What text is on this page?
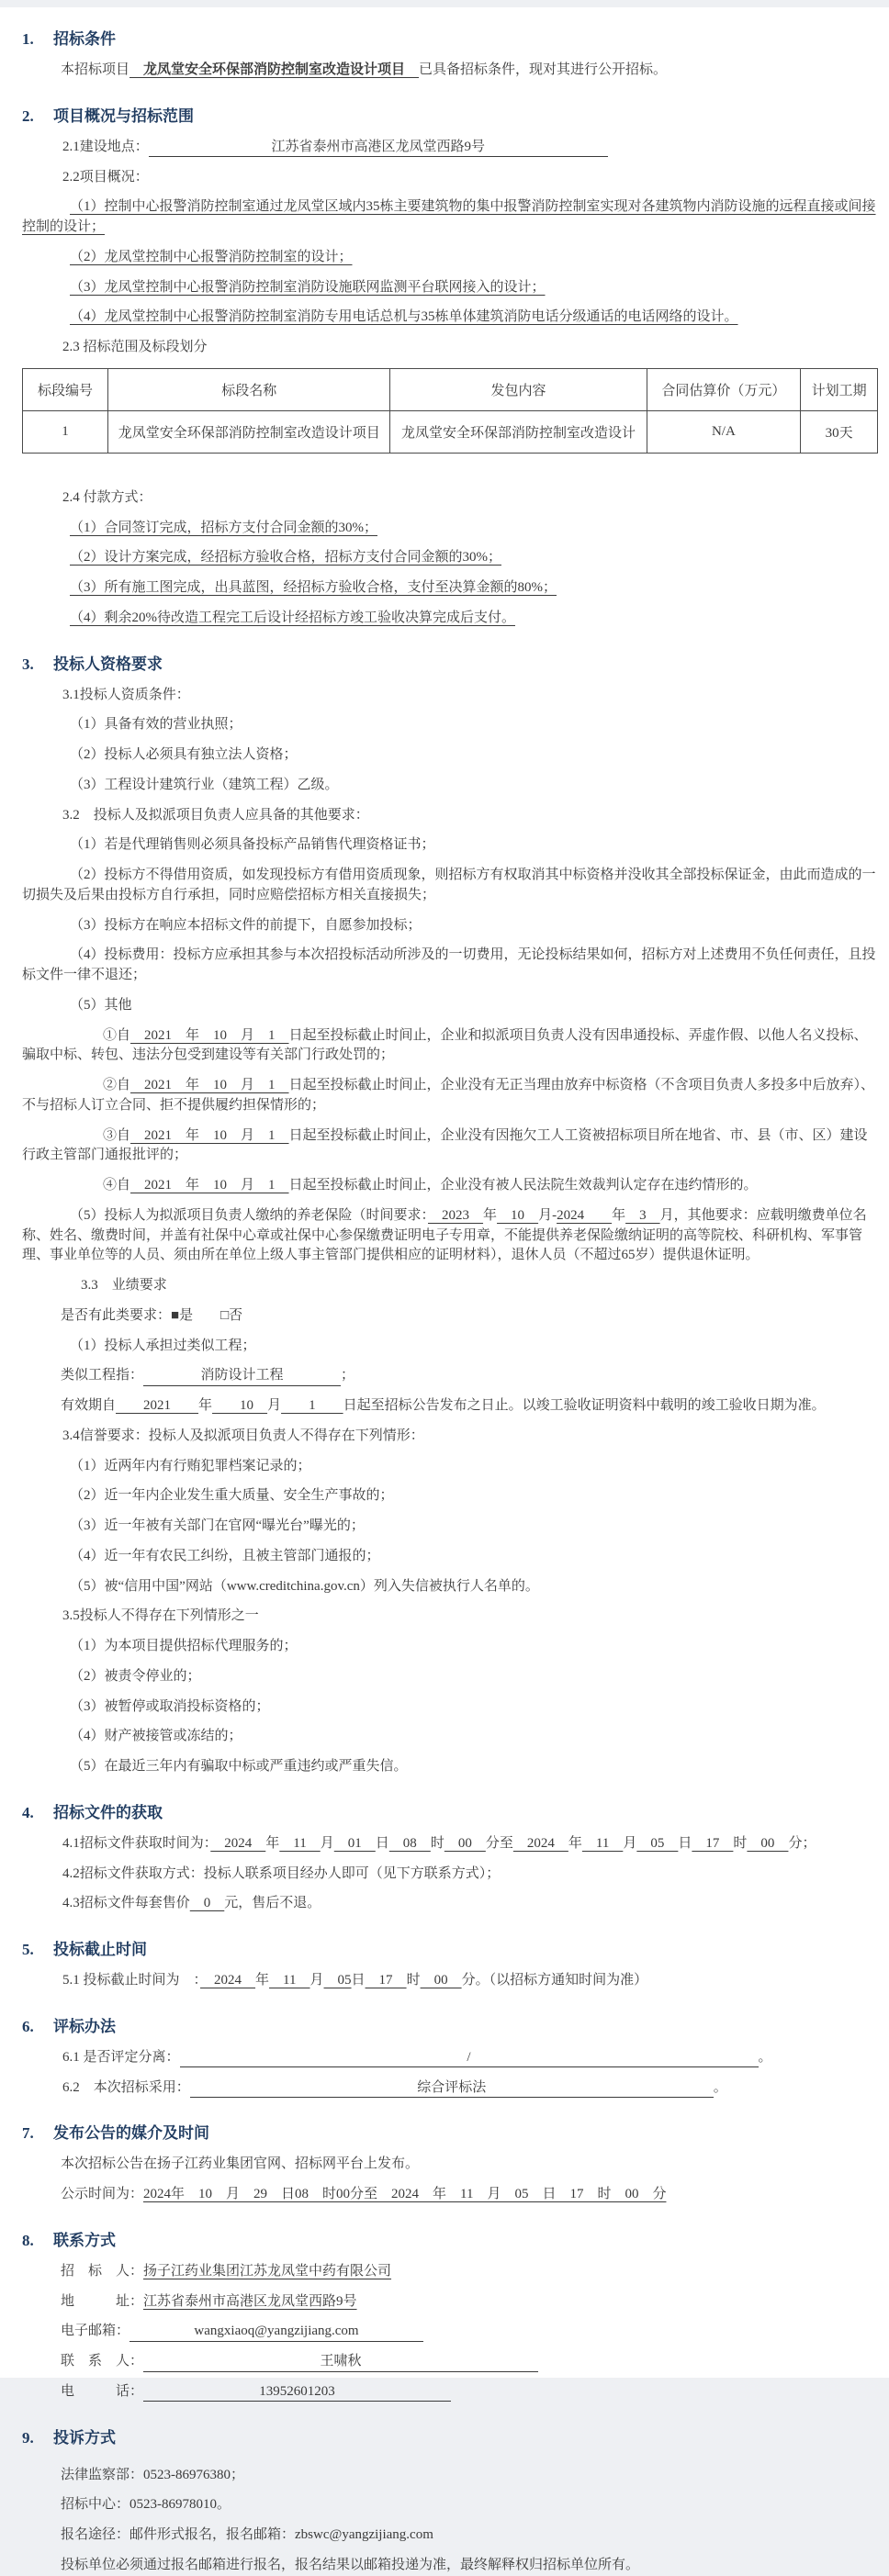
1. 招标条件

本招标项目　龙凤堂安全环保部消防控制室改造设计项目　已具备招标条件，现对其进行公开招标。

2. 项目概况与招标范围

2.1建设地点：	江苏省泰州市高港区龙凤堂西路9号

2.2项目概况：

（1）控制中心报警消防控制室通过龙凤堂区域内35栋主要建筑物的集中报警消防控制室实现对各建筑物内消防设施的远程直接或间接控制的设计；

（2）龙凤堂控制中心报警消防控制室的设计；

（3）龙凤堂控制中心报警消防控制室消防设施联网监测平台联网接入的设计；

（4）龙凤堂控制中心报警消防控制室消防专用电话总机与35栋单体建筑消防电话分级通话的电话网络的设计。

2.3 招标范围及标段划分

标段编号	标段名称	发包内容	合同估算价（万元）	计划工期
1	龙凤堂安全环保部消防控制室改造设计项目	龙凤堂安全环保部消防控制室改造设计	N/A	30天

2.4 付款方式：

（1）合同签订完成，招标方支付合同金额的30%；

（2）设计方案完成，经招标方验收合格，招标方支付合同金额的30%；

（3）所有施工图完成，出具蓝图，经招标方验收合格，支付至决算金额的80%；

（4）剩余20%待改造工程完工后设计经招标方竣工验收决算完成后支付。

3. 投标人资格要求

3.1投标人资质条件：

（1）具备有效的营业执照；

（2）投标人必须具有独立法人资格；

（3）工程设计建筑行业（建筑工程）乙级。

3.2　投标人及拟派项目负责人应具备的其他要求：

（1）若是代理销售则必须具备投标产品销售代理资格证书；

（2）投标方不得借用资质，如发现投标方有借用资质现象，则招标方有权取消其中标资格并没收其全部投标保证金，由此而造成的一切损失及后果由投标方自行承担，同时应赔偿招标方相关直接损失；

（3）投标方在响应本招标文件的前提下，自愿参加投标；

（4）投标费用：投标方应承担其参与本次招投标活动所涉及的一切费用，无论投标结果如何，招标方对上述费用不负任何责任，且投标文件一律不退还；

（5）其他

①自　2021　年　10　月　1　日起至投标截止时间止，企业和拟派项目负责人没有因串通投标、弄虚作假、以他人名义投标、骗取中标、转包、违法分包受到建设等有关部门行政处罚的；

②自　2021　年　10　月　1　日起至投标截止时间止，企业没有无正当理由放弃中标资格（不含项目负责人多投多中后放弃）、不与招标人订立合同、拒不提供履约担保情形的；

③自　2021　年　10　月　1　日起至投标截止时间止，企业没有因拖欠工人工资被招标项目所在地省、市、县（市、区）建设行政主管部门通报批评的；

④自　2021　年　10　月　1　日起至投标截止时间止，企业没有被人民法院生效裁判认定存在违约情形的。

（5）投标人为拟派项目负责人缴纳的养老保险（时间要求：　2023　年　10　月-2024　　年　3　月，其他要求：应载明缴费单位名称、姓名、缴费时间，并盖有社保中心章或社保中心参保缴费证明电子专用章，不能提供养老保险缴纳证明的高等院校、科研机构、军事管理、事业单位等的人员、须由所在单位上级人事主管部门提供相应的证明材料），退休人员（不超过65岁）提供退休证明。

3.3　业绩要求

是否有此类要求：■是　　□否

（1）投标人承担过类似工程；

类似工程指：	消防设计工程	；

有效期自　　2021　　年　　10　月　　1　　日起至招标公告发布之日止。以竣工验收证明资料中载明的竣工验收日期为准。

3.4信誉要求：投标人及拟派项目负责人不得存在下列情形：

（1）近两年内有行贿犯罪档案记录的；

（2）近一年内企业发生重大质量、安全生产事故的；

（3）近一年被有关部门在官网“曝光台”曝光的；

（4）近一年有农民工纠纷，且被主管部门通报的；

（5）被“信用中国”网站（www.creditchina.gov.cn）列入失信被执行人名单的。

3.5投标人不得存在下列情形之一

（1）为本项目提供招标代理服务的；

（2）被责令停业的；

（3）被暂停或取消投标资格的；

（4）财产被接管或冻结的；

（5）在最近三年内有骗取中标或严重违约或严重失信。

4. 招标文件的获取

4.1招标文件获取时间为：　2024　年　11　月　01　日　08　时　00　分至　2024　年　11　月　05　日　17　时　00　分；

4.2招标文件获取方式：投标人联系项目经办人即可（见下方联系方式）；

4.3招标文件每套售价　0　元，售后不退。

5. 投标截止时间

5.1 投标截止时间为　：　2024　年　11　月　05日　17　时　00　分。（以招标方通知时间为准）

6. 评标办法

6.1 是否评定分离：	/	。

6.2　本次招标采用：	综合评标法	。

7. 发布公告的媒介及时间

本次招标公告在扬子江药业集团官网、招标网平台上发布。

公示时间为：2024年　10　月　29　日08　时00分至　2024　年　11　月　05　日　17　时　00　分

8. 联系方式

招　标　人：扬子江药业集团江苏龙凤堂中药有限公司

地　　　址：江苏省泰州市高港区龙凤堂西路9号

电子邮箱：	wangxiaoq@yangzijiang.com

联　系　人：	王啸秋

电　　　话：	13952601203

9. 投诉方式

法律监察部：0523-86976380；

招标中心：0523-86978010。

报名途径：邮件形式报名，报名邮箱：zbswc@yangzijiang.com

投标单位必须通过报名邮箱进行报名，报名结果以邮箱投递为准，最终解释权归招标单位所有。
